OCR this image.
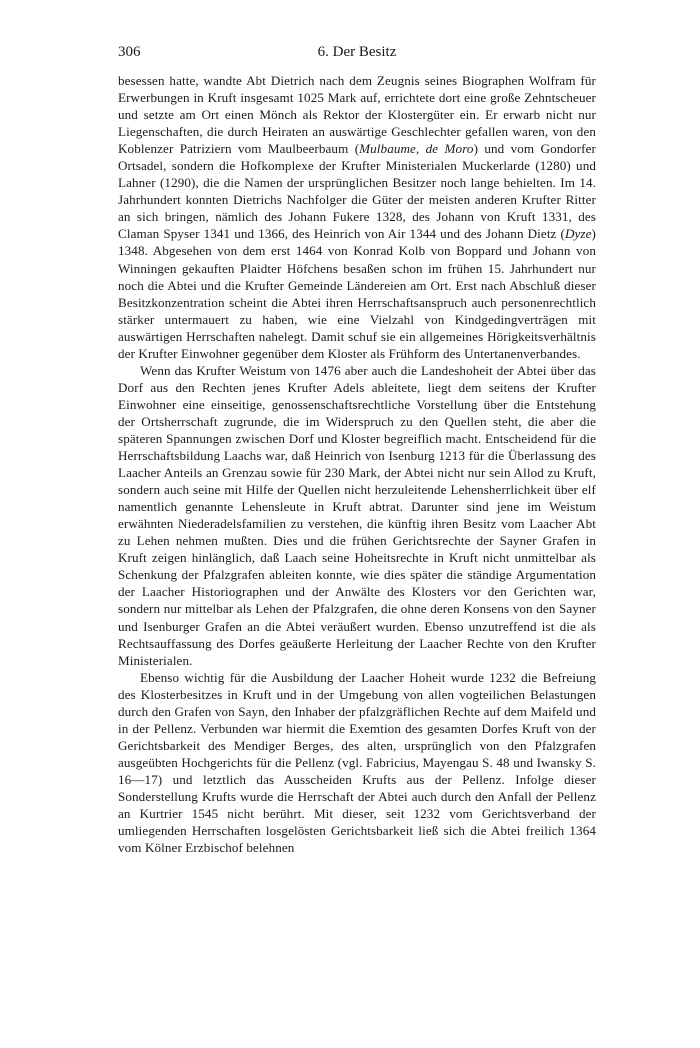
306	6. Der Besitz

besessen hatte, wandte Abt Dietrich nach dem Zeugnis seines Biographen Wolfram für Erwerbungen in Kruft insgesamt 1025 Mark auf, errichtete dort eine große Zehntscheuer und setzte am Ort einen Mönch als Rektor der Klostergüter ein. Er erwarb nicht nur Liegenschaften, die durch Heiraten an auswärtige Geschlechter gefallen waren, von den Koblenzer Patriziern vom Maulbeerbaum (Mulbaume, de Moro) und vom Gondorfer Ortsadel, sondern die Hofkomplexe der Krufter Ministerialen Muckerlarde (1280) und Lahner (1290), die die Namen der ursprünglichen Besitzer noch lange behielten. Im 14. Jahrhundert konnten Dietrichs Nachfolger die Güter der meisten anderen Krufter Ritter an sich bringen, nämlich des Johann Fukere 1328, des Johann von Kruft 1331, des Claman Spyser 1341 und 1366, des Heinrich von Air 1344 und des Johann Dietz (Dyze) 1348. Abgesehen von dem erst 1464 von Konrad Kolb von Boppard und Johann von Winningen gekauften Plaidter Höfchens besaßen schon im frühen 15. Jahrhundert nur noch die Abtei und die Krufter Gemeinde Ländereien am Ort. Erst nach Abschluß dieser Besitzkonzentration scheint die Abtei ihren Herrschaftsanspruch auch personenrechtlich stärker untermauert zu haben, wie eine Vielzahl von Kindgedingverträgen mit auswärtigen Herrschaften nahelegt. Damit schuf sie ein allgemeines Hörigkeitsverhältnis der Krufter Einwohner gegenüber dem Kloster als Frühform des Untertanenverbandes.

Wenn das Krufter Weistum von 1476 aber auch die Landeshoheit der Abtei über das Dorf aus den Rechten jenes Krufter Adels ableitete, liegt dem seitens der Krufter Einwohner eine einseitige, genossenschaftsrechtliche Vorstellung über die Entstehung der Ortsherrschaft zugrunde, die im Widerspruch zu den Quellen steht, die aber die späteren Spannungen zwischen Dorf und Kloster begreiflich macht. Entscheidend für die Herrschaftsbildung Laachs war, daß Heinrich von Isenburg 1213 für die Überlassung des Laacher Anteils an Grenzau sowie für 230 Mark, der Abtei nicht nur sein Allod zu Kruft, sondern auch seine mit Hilfe der Quellen nicht herzuleitende Lehensherrlichkeit über elf namentlich genannte Lehensleute in Kruft abtrat. Darunter sind jene im Weistum erwähnten Niederadelsfamilien zu verstehen, die künftig ihren Besitz vom Laacher Abt zu Lehen nehmen mußten. Dies und die frühen Gerichtsrechte der Sayner Grafen in Kruft zeigen hinlänglich, daß Laach seine Hoheitsrechte in Kruft nicht unmittelbar als Schenkung der Pfalzgrafen ableiten konnte, wie dies später die ständige Argumentation der Laacher Historiographen und der Anwälte des Klosters vor den Gerichten war, sondern nur mittelbar als Lehen der Pfalzgrafen, die ohne deren Konsens von den Sayner und Isenburger Grafen an die Abtei veräußert wurden. Ebenso unzutreffend ist die als Rechtsauffassung des Dorfes geäußerte Herleitung der Laacher Rechte von den Krufter Ministerialen.

Ebenso wichtig für die Ausbildung der Laacher Hoheit wurde 1232 die Befreiung des Klosterbesitzes in Kruft und in der Umgebung von allen vogteilichen Belastungen durch den Grafen von Sayn, den Inhaber der pfalzgräflichen Rechte auf dem Maifeld und in der Pellenz. Verbunden war hiermit die Exemtion des gesamten Dorfes Kruft von der Gerichtsbarkeit des Mendiger Berges, des alten, ursprünglich von den Pfalzgrafen ausgeübten Hochgerichts für die Pellenz (vgl. Fabricius, Mayengau S. 48 und Iwansky S. 16—17) und letztlich das Ausscheiden Krufts aus der Pellenz. Infolge dieser Sonderstellung Krufts wurde die Herrschaft der Abtei auch durch den Anfall der Pellenz an Kurtrier 1545 nicht berührt. Mit dieser, seit 1232 vom Gerichtsverband der umliegenden Herrschaften losgelösten Gerichtsbarkeit ließ sich die Abtei freilich 1364 vom Kölner Erzbischof belehnen
